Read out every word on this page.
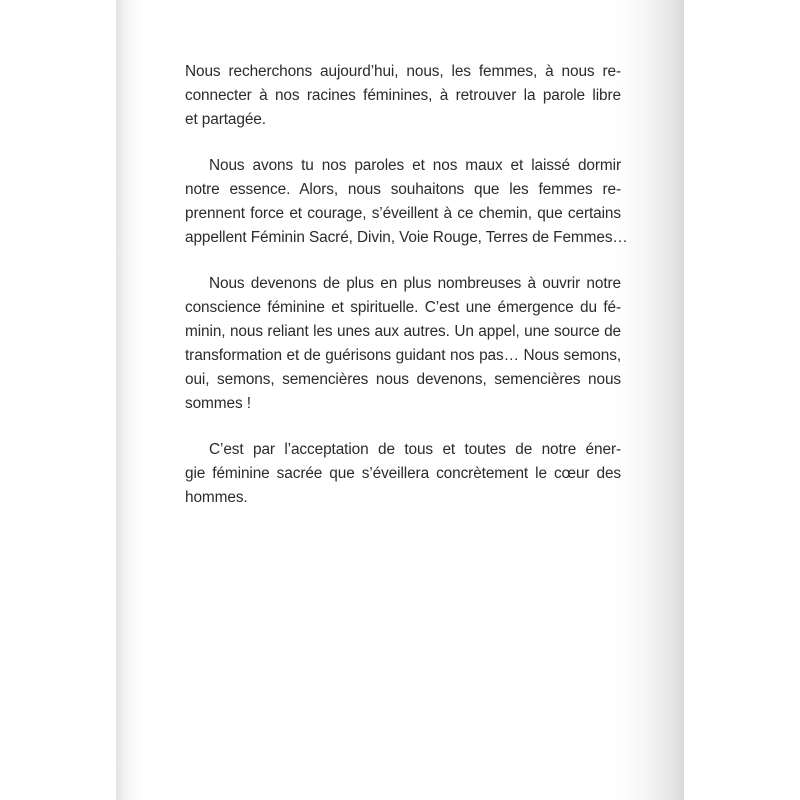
Nous recherchons aujourd’hui, nous, les femmes, à nous re-
connecter à nos racines féminines, à retrouver la parole libre
et partagée.
Nous avons tu nos paroles et nos maux et laissé dormir
notre essence. Alors, nous souhaitons que les femmes re-
prennent force et courage, s’éveillent à ce chemin, que certains
appellent Féminin Sacré, Divin, Voie Rouge, Terres de Femmes…
Nous devenons de plus en plus nombreuses à ouvrir notre
conscience féminine et spirituelle. C’est une émergence du fé-
minin, nous reliant les unes aux autres. Un appel, une source de
transformation et de guérisons guidant nos pas… Nous semons,
oui, semons, semencières nous devenons, semencières nous
sommes !
C’est par l’acceptation de tous et toutes de notre éner-
gie féminine sacrée que s’éveillera concrètement le cœur des
hommes.
